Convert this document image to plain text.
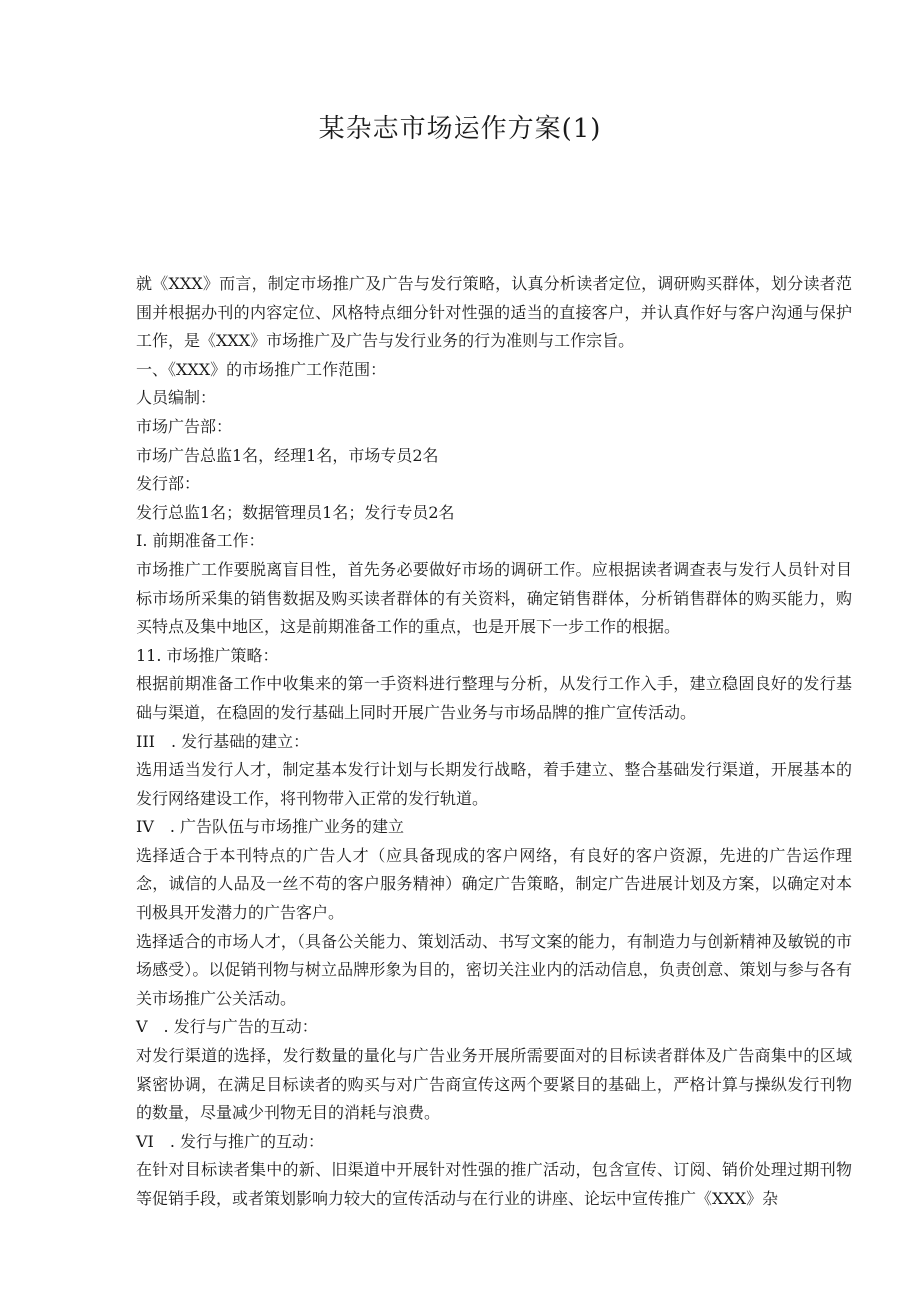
某杂志市场运作方案(1)

就《XXX》而言，制定市场推广及广告与发行策略，认真分析读者定位，调研购买群体，划分读者范围并根据办刊的内容定位、风格特点细分针对性强的适当的直接客户，并认真作好与客户沟通与保护工作，是《XXX》市场推广及广告与发行业务的行为准则与工作宗旨。

一、《XXX》的市场推广工作范围：

人员编制：

市场广告部：

市场广告总监1名，经理1名，市场专员2名

发行部：

发行总监1名；数据管理员1名；发行专员2名

I. 前期准备工作：

市场推广工作要脱离盲目性，首先务必要做好市场的调研工作。应根据读者调查表与发行人员针对目标市场所采集的销售数据及购买读者群体的有关资料，确定销售群体，分析销售群体的购买能力，购买特点及集中地区，这是前期准备工作的重点，也是开展下一步工作的根据。

11. 市场推广策略：

根据前期准备工作中收集来的第一手资料进行整理与分析，从发行工作入手，建立稳固良好的发行基础与渠道，在稳固的发行基础上同时开展广告业务与市场品牌的推广宣传活动。

III　. 发行基础的建立：

选用适当发行人才，制定基本发行计划与长期发行战略，着手建立、整合基础发行渠道，开展基本的发行网络建设工作，将刊物带入正常的发行轨道。

IV　. 广告队伍与市场推广业务的建立

选择适合于本刊特点的广告人才（应具备现成的客户网络，有良好的客户资源，先进的广告运作理念，诚信的人品及一丝不苟的客户服务精神）确定广告策略，制定广告进展计划及方案，以确定对本刊极具开发潜力的广告客户。

选择适合的市场人才，（具备公关能力、策划活动、书写文案的能力，有制造力与创新精神及敏锐的市场感受）。以促销刊物与树立品牌形象为目的，密切关注业内的活动信息，负责创意、策划与参与各有关市场推广公关活动。

V　. 发行与广告的互动：

对发行渠道的选择，发行数量的量化与广告业务开展所需要面对的目标读者群体及广告商集中的区域紧密协调，在满足目标读者的购买与对广告商宣传这两个要紧目的基础上，严格计算与操纵发行刊物的数量，尽量减少刊物无目的消耗与浪费。

VI　. 发行与推广的互动：

在针对目标读者集中的新、旧渠道中开展针对性强的推广活动，包含宣传、订阅、销价处理过期刊物等促销手段，或者策划影响力较大的宣传活动与在行业的讲座、论坛中宣传推广《XXX》杂
